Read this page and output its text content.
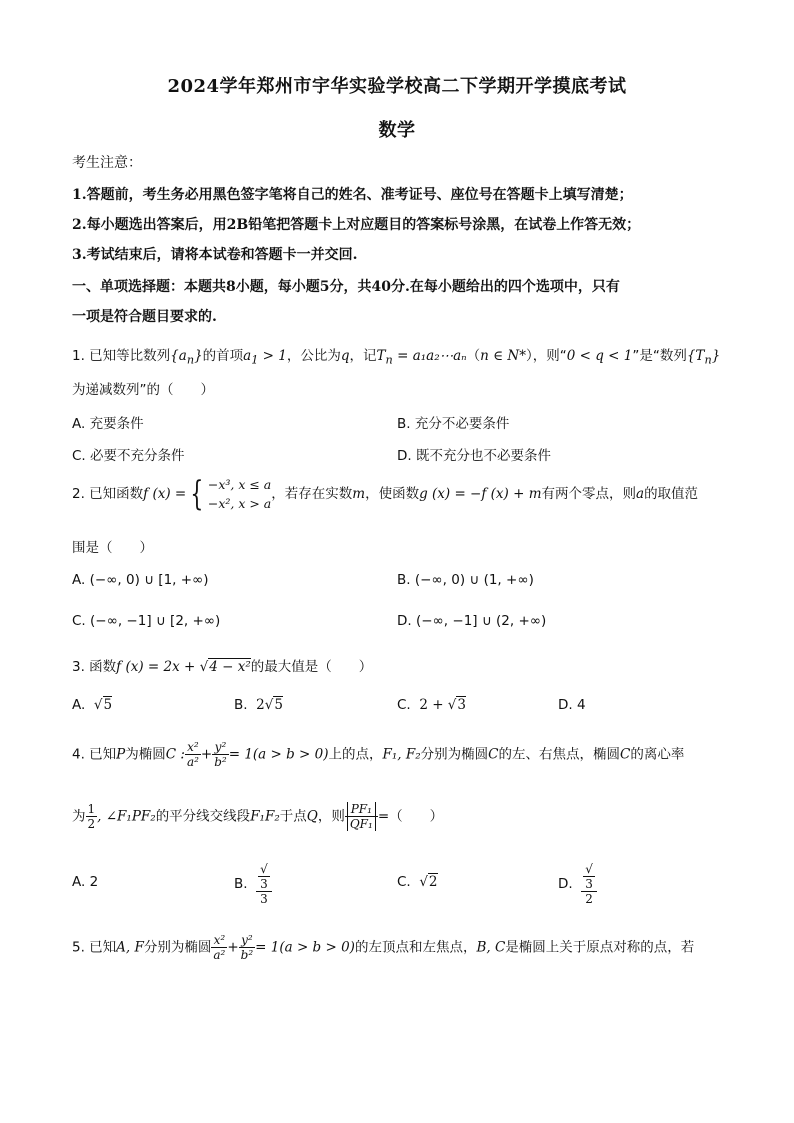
2024学年郑州市宇华实验学校高二下学期开学摸底考试
数学
考生注意：
1.答题前，考生务必用黑色签字笔将自己的姓名、准考证号、座位号在答题卡上填写清楚；
2.每小题选出答案后，用2B铅笔把答题卡上对应题目的答案标号涂黑，在试卷上作答无效；
3.考试结束后，请将本试卷和答题卡一并交回.
一、单项选择题：本题共8小题，每小题5分，共40分.在每小题给出的四个选项中，只有
一项是符合题目要求的.
1. 已知等比数列$\{a_n\}$的首项$a_1 > 1$，公比为q，记$T_n$ = a₁a₂⋯aₙ（n ∈ N*），则“0 < q < 1”是“数列$\{T_n\}$
为递减数列”的（　　）
A. 充要条件	B. 充分不必要条件
C. 必要不充分条件	D. 既不充分也不必要条件
2. 已知函数f (x) = { −x³, x ≤ a
−x², x > a
，若存在实数m，使函数g (x) = −f (x) + m有两个零点，则a的取值范
围是（　　）
A. (−∞, 0) ∪ [1, +∞)	B. (−∞, 0) ∪ (1, +∞)
C. (−∞, −1] ∪ [2, +∞)	D. (−∞, −1] ∪ (2, +∞)
3. 函数f (x) = 2x + √4 − x²的最大值是（　　）
A. √5	B. 2√5	C. 2 + √3	D. 4
4. 已知P为椭圆C : $\frac{\text{x²}}{\text{a²}} + \frac{\text{y²}}{\text{b²}} = 1(a > b > 0)$上的点，F₁, F₂分别为椭圆C的左、右焦点，椭圆C的离心率
为 $\frac{1}{2}$ , ∠F₁PF₂的平分线交线段F₁F₂于点Q，则 $\frac{\text{PF₁}}{\text{QF₁}}$ =（　　）
A. 2	B. √
3
3	C. √2	D. √
3
2
5. 已知A, F分别为椭圆 $\frac{\text{x²}}{\text{a²}} + \frac{\text{y²}}{\text{b²}} = 1(a > b > 0)$的左顶点和左焦点，B, C是椭圆上关于原点对称的点，若
